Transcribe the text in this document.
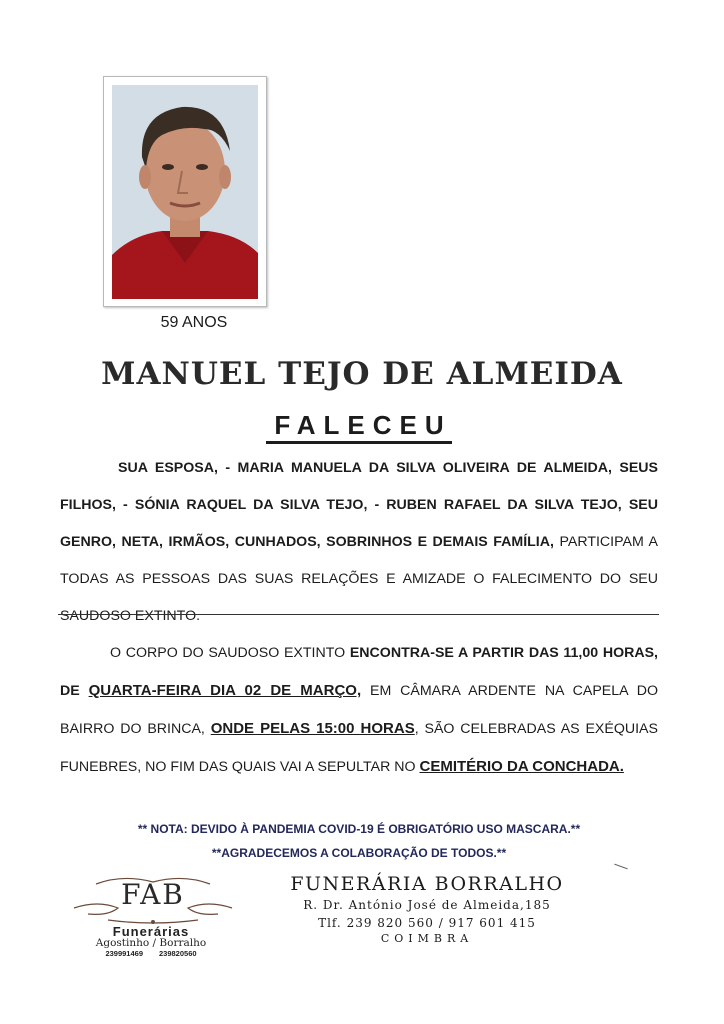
59 ANOS
MANUEL TEJO DE ALMEIDA
FALECEU
SUA ESPOSA, - MARIA MANUELA DA SILVA OLIVEIRA DE ALMEIDA, SEUS FILHOS, - SÓNIA RAQUEL DA SILVA TEJO, - RUBEN RAFAEL DA SILVA TEJO, SEU GENRO, NETA, IRMÃOS, CUNHADOS, SOBRINHOS E DEMAIS FAMÍLIA, PARTICIPAM A TODAS AS PESSOAS DAS SUAS RELAÇÕES E AMIZADE O FALECIMENTO DO SEU SAUDOSO EXTINTO.
O CORPO DO SAUDOSO EXTINTO ENCONTRA-SE A PARTIR DAS 11,00 HORAS, DE QUARTA-FEIRA DIA 02 DE MARÇO, EM CÂMARA ARDENTE NA CAPELA DO BAIRRO DO BRINCA, ONDE PELAS 15:00 HORAS, SÃO CELEBRADAS AS EXÉQUIAS FUNEBRES, NO FIM DAS QUAIS VAI A SEPULTAR NO CEMITÉRIO DA CONCHADA.
** NOTA: DEVIDO À PANDEMIA COVID-19 É OBRIGATÓRIO USO MASCARA.**
**AGRADECEMOS A COLABORAÇÃO DE TODOS.**
FAB
Funerárias
Agostinho / Borralho
239991469 239820560
FUNERÁRIA BORRALHO
R. Dr. António José de Almeida,185
Tlf. 239 820 560 / 917 601 415
COIMBRA
